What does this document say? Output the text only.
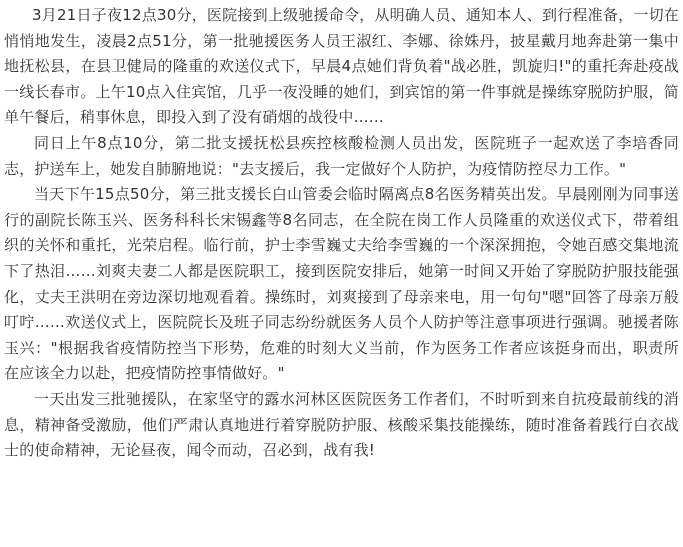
3月21日子夜12点30分，医院接到上级驰援命令，从明确人员、通知本人、到行程准备，一切在悄悄地发生，凌晨2点51分，第一批驰援医务人员王淑红、李娜、徐姝丹，披星戴月地奔赴第一集中地抚松县，在县卫健局的隆重的欢送仪式下，早晨4点她们背负着"战必胜，凯旋归!"的重托奔赴疫战一线长春市。上午10点入住宾馆，几乎一夜没睡的她们，到宾馆的第一件事就是操练穿脱防护服，简单午餐后，稍事休息，即投入到了没有硝烟的战役中……

同日上午8点10分，第二批支援抚松县疾控核酸检测人员出发，医院班子一起欢送了李培香同志，护送车上，她发自肺腑地说："去支援后，我一定做好个人防护，为疫情防控尽力工作。"

当天下午15点50分，第三批支援长白山管委会临时隔离点8名医务精英出发。早晨刚刚为同事送行的副院长陈玉兴、医务科科长宋锡鑫等8名同志，在全院在岗工作人员隆重的欢送仪式下，带着组织的关怀和重托，光荣启程。临行前，护士李雪巍丈夫给李雪巍的一个深深拥抱，令她百感交集地流下了热泪……刘爽夫妻二人都是医院职工，接到医院安排后，她第一时间又开始了穿脱防护服技能强化，丈夫王洪明在旁边深切地观看着。操练时，刘爽接到了母亲来电，用一句句"嗯"回答了母亲万般叮咛……欢送仪式上，医院院长及班子同志纷纷就医务人员个人防护等注意事项进行强调。驰援者陈玉兴："根据我省疫情防控当下形势，危难的时刻大义当前，作为医务工作者应该挺身而出，职责所在应该全力以赴，把疫情防控事情做好。"

一天出发三批驰援队，在家坚守的露水河林区医院医务工作者们，不时听到来自抗疫最前线的消息，精神备受激励，他们严肃认真地进行着穿脱防护服、核酸采集技能操练，随时准备着践行白衣战士的使命精神，无论昼夜，闻令而动，召必到，战有我!
